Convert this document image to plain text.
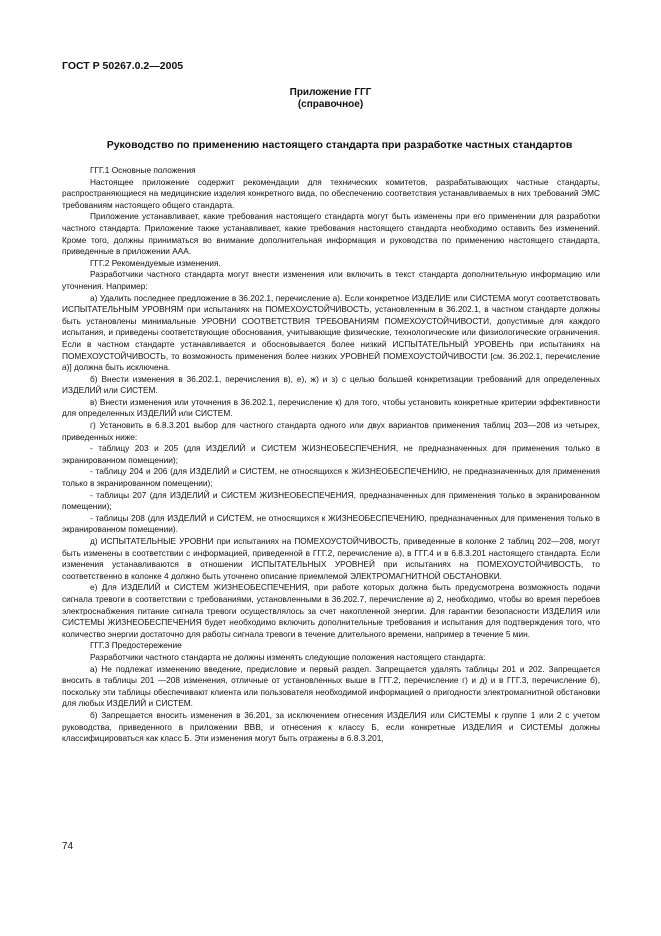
ГОСТ Р 50267.0.2—2005
Приложение ГГГ
(справочное)
Руководство по применению настоящего стандарта при разработке частных стандартов

ГГГ.1 Основные положения

Настоящее приложение содержит рекомендации для технических комитетов, разрабатывающих частные стандарты, распространяющиеся на медицинские изделия конкретного вида, по обеспечению соответствия устанавливаемых в них требований ЭМС требованиям настоящего общего стандарта.

Приложение устанавливает, какие требования настоящего стандарта могут быть изменены при его применении для разработки частного стандарта. Приложение также устанавливает, какие требования настоящего стандарта необходимо оставить без изменений. Кроме того, должны приниматься во внимание дополнительная информация и руководства по применению настоящего стандарта, приведенные в приложении ААА.

ГГГ.2 Рекомендуемые изменения.

Разработчики частного стандарта могут внести изменения или включить в текст стандарта дополнительную информацию или уточнения. Например:

а) Удалить последнее предложение в 36.202.1, перечисление а). Если конкретное ИЗДЕЛИЕ или СИСТЕМА могут соответствовать ИСПЫТАТЕЛЬНЫМ УРОВНЯМ при испытаниях на ПОМЕХОУСТОЙЧИВОСТЬ, установленным в 36.202.1, в частном стандарте должны быть установлены минимальные УРОВНИ СООТВЕТСТВИЯ ТРЕБОВАНИЯМ ПОМЕХОУСТОЙЧИВОСТИ, допустимые для каждого испытания, и приведены соответствующие обоснования, учитывающие физические, технологические или физиологические ограничения. Если в частном стандарте устанавливается и обосновывается более низкий ИСПЫТАТЕЛЬНЫЙ УРОВЕНЬ при испытаниях на ПОМЕХОУСТОЙЧИВОСТЬ, то возможность применения более низких УРОВНЕЙ ПОМЕХОУСТОЙЧИВОСТИ [см. 36.202.1, перечисление а)] должна быть исключена.

б) Внести изменения в 36.202.1, перечисления в), е), ж) и з) с целью большей конкретизации требований для определенных ИЗДЕЛИЙ или СИСТЕМ.

в) Внести изменения или уточнения в 36.202.1, перечисление к) для того, чтобы установить конкретные критерии эффективности для определенных ИЗДЕЛИЙ или СИСТЕМ.

г) Установить в 6.8.3.201 выбор для частного стандарта одного или двух вариантов применения таблиц 203—208 из четырех, приведенных ниже:

- таблицу 203 и 205 (для ИЗДЕЛИЙ и СИСТЕМ ЖИЗНЕОБЕСПЕЧЕНИЯ, не предназначенных для применения только в экранированном помещении);

- таблицу 204 и 206 (для ИЗДЕЛИЙ и СИСТЕМ, не относящихся к ЖИЗНЕОБЕСПЕЧЕНИЮ, не предназначенных для применения только в экранированном помещении);

- таблицы 207 (для ИЗДЕЛИЙ и СИСТЕМ ЖИЗНЕОБЕСПЕЧЕНИЯ, предназначенных для применения только в экранированном помещении);

- таблицы 208 (для ИЗДЕЛИЙ и СИСТЕМ, не относящихся к ЖИЗНЕОБЕСПЕЧЕНИЮ, предназначенных для применения только в экранированном помещении).

д) ИСПЫТАТЕЛЬНЫЕ УРОВНИ при испытаниях на ПОМЕХОУСТОЙЧИВОСТЬ, приведенные в колонке 2 таблиц 202—208, могут быть изменены в соответствии с информацией, приведенной в ГГГ.2, перечисление а), в ГГГ.4 и в 6.8.3.201 настоящего стандарта. Если изменения устанавливаются в отношении ИСПЫТАТЕЛЬНЫХ УРОВНЕЙ при испытаниях на ПОМЕХОУСТОЙЧИВОСТЬ, то соответственно в колонке 4 должно быть уточнено описание приемлемой ЭЛЕКТРОМАГНИТНОЙ ОБСТАНОВКИ.

е) Для ИЗДЕЛИЙ и СИСТЕМ ЖИЗНЕОБЕСПЕЧЕНИЯ, при работе которых должна быть предусмотрена возможность подачи сигнала тревоги в соответствии с требованиями, установленными в 36.202.7, перечисление а) 2, необходимо, чтобы во время перебоев электроснабжения питание сигнала тревоги осуществлялось за счет накопленной энергии. Для гарантии безопасности ИЗДЕЛИЯ или СИСТЕМЫ ЖИЗНЕОБЕСПЕЧЕНИЯ будет необходимо включить дополнительные требования и испытания для подтверждения того, что количество энергии достаточно для работы сигнала тревоги в течение длительного времени, например в течение 5 мин.

ГГГ.3 Предостережение

Разработчики частного стандарта не должны изменять следующие положения настоящего стандарта:

а) Не подлежат изменению введение, предисловие и первый раздел. Запрещается удалять таблицы 201 и 202. Запрещается вносить в таблицы 201 —208 изменения, отличные от установленных выше в ГГГ.2, перечисление г) и д) и в ГГГ.3, перечисление б), поскольку эти таблицы обеспечивают клиента или пользователя необходимой информацией о пригодности электромагнитной обстановки для любых ИЗДЕЛИЙ и СИСТЕМ.

б) Запрещается вносить изменения в 36.201, за исключением отнесения ИЗДЕЛИЯ или СИСТЕМЫ к группе 1 или 2 с учетом руководства, приведенного в приложении ВВВ, и отнесения к классу Б, если конкретные ИЗДЕЛИЯ и СИСТЕМЫ должны классифицироваться как класс Б. Эти изменения могут быть отражены в 6.8.3.201,

74
